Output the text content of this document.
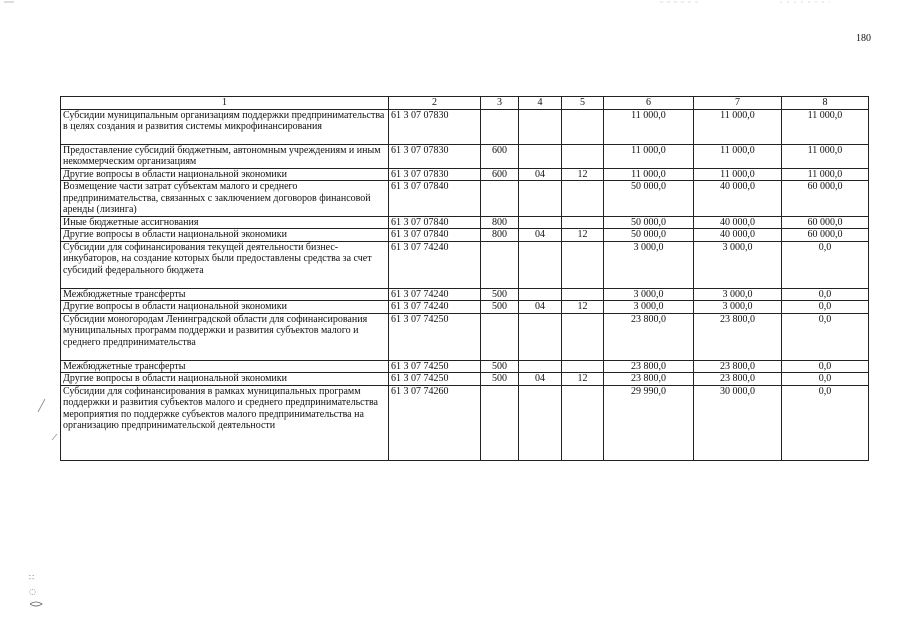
180
1	2	3	4	5	6	7	8
Субсидии муниципальным организациям поддержки предпринимательства в целях создания и развития системы микрофинансирования	61 3 07 07830				11 000,0	11 000,0	11 000,0
Предоставление субсидий бюджетным, автономным учреждениям и иным некоммерческим организациям	61 3 07 07830	600			11 000,0	11 000,0	11 000,0
Другие вопросы в области национальной экономики	61 3 07 07830	600	04	12	11 000,0	11 000,0	11 000,0
Возмещение части затрат субъектам малого и среднего предпринимательства, связанных с заключением договоров финансовой аренды (лизинга)	61 3 07 07840				50 000,0	40 000,0	60 000,0
Иные бюджетные ассигнования	61 3 07 07840	800			50 000,0	40 000,0	60 000,0
Другие вопросы в области национальной экономики	61 3 07 07840	800	04	12	50 000,0	40 000,0	60 000,0
Субсидии для софинансирования текущей деятельности бизнес-инкубаторов, на создание которых были предоставлены средства за счет субсидий федерального бюджета	61 3 07 74240				3 000,0	3 000,0	0,0
Межбюджетные трансферты	61 3 07 74240	500			3 000,0	3 000,0	0,0
Другие вопросы в области национальной экономики	61 3 07 74240	500	04	12	3 000,0	3 000,0	0,0
Субсидии моногородам Ленинградской области для софинансирования муниципальных программ поддержки и развития субъектов малого и среднего предпринимательства	61 3 07 74250				23 800,0	23 800,0	0,0
Межбюджетные трансферты	61 3 07 74250	500			23 800,0	23 800,0	0,0
Другие вопросы в области национальной экономики	61 3 07 74250	500	04	12	23 800,0	23 800,0	0,0
Субсидии для софинансирования в рамках муниципальных программ поддержки и развития субъектов малого и среднего предпринимательства мероприятия по поддержке субъектов малого предпринимательства на организацию предпринимательской деятельности	61 3 07 74260				29 990,0	30 000,0	0,0
∷
◌
